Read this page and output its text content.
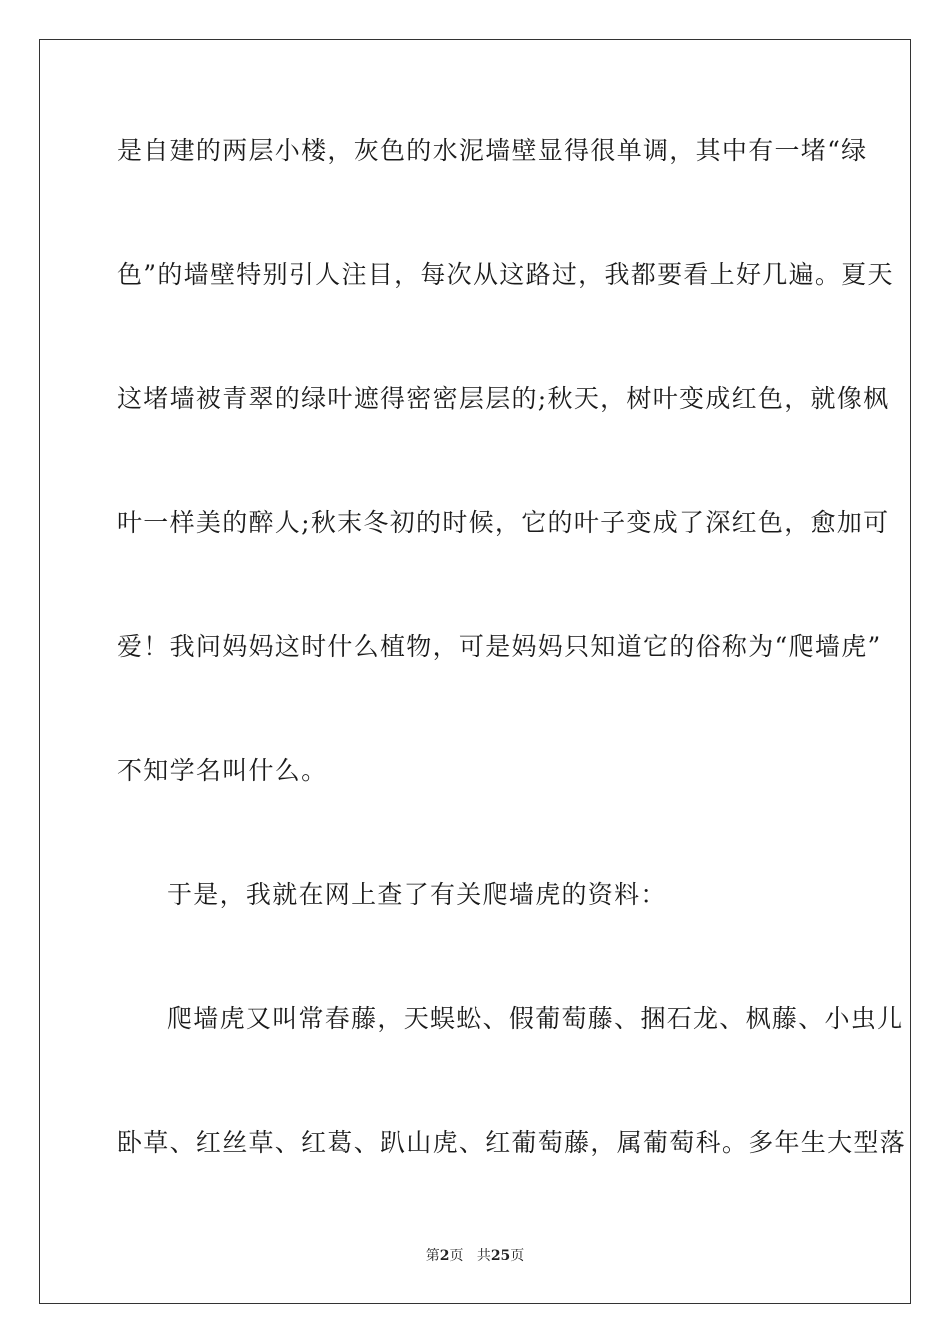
是自建的两层小楼，灰色的水泥墙壁显得很单调，其中有一堵“绿
色”的墙壁特别引人注目，每次从这路过，我都要看上好几遍。夏天
这堵墙被青翠的绿叶遮得密密层层的;秋天，树叶变成红色，就像枫
叶一样美的醉人;秋末冬初的时候，它的叶子变成了深红色，愈加可
爱！我问妈妈这时什么植物，可是妈妈只知道它的俗称为“爬墙虎”
不知学名叫什么。
于是，我就在网上查了有关爬墙虎的资料：
爬墙虎又叫常春藤，天蜈蚣、假葡萄藤、捆石龙、枫藤、小虫儿
卧草、红丝草、红葛、趴山虎、红葡萄藤，属葡萄科。多年生大型落
第2页 共25页
